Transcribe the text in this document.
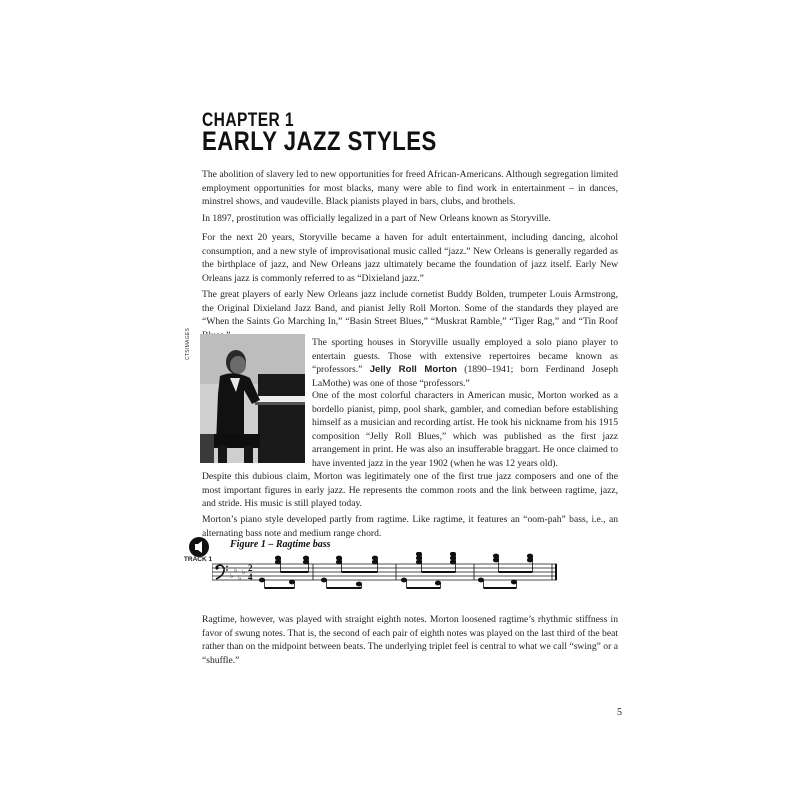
CHAPTER 1
EARLY JAZZ STYLES

The abolition of slavery led to new opportunities for freed African-Americans. Although segregation limited employment opportunities for most blacks, many were able to find work in entertainment – in dances, minstrel shows, and vaudeville. Black pianists played in bars, clubs, and brothels.

In 1897, prostitution was officially legalized in a part of New Orleans known as Storyville.

For the next 20 years, Storyville became a haven for adult entertainment, including dancing, alcohol consumption, and a new style of improvisational music called “jazz.” New Orleans is generally regarded as the birthplace of jazz, and New Orleans jazz ultimately became the foundation of jazz itself. Early New Orleans jazz is commonly referred to as “Dixieland jazz.”

The great players of early New Orleans jazz include cornetist Buddy Bolden, trumpeter Louis Armstrong, the Original Dixieland Jazz Band, and pianist Jelly Roll Morton. Some of the standards they played are “When the Saints Go Marching In,” “Basin Street Blues,” “Muskrat Ramble,” “Tiger Rag,” and “Tin Roof

CTSIMAGES	The sporting houses in Storyville usually employed a solo piano player to entertain guests. Those with extensive repertoires became known as “professors.” Jelly Roll Morton (1890–1941; born Ferdinand Joseph LaMothe) was one of those “professors.”

One of the most colorful characters in American music, Morton worked as a bordello pianist, pimp, pool shark, gambler, and comedian before establishing himself as a musician and recording artist. He took his nickname from his 1915 composition “Jelly Roll Blues,” which was published as the first jazz arrangement in print. He was also an insufferable braggart. He once claimed to have invented jazz in the year 1902 (when he was 12 years old).

Despite this dubious claim, Morton was legitimately one of the first true jazz composers and one of the most important figures in early jazz. He represents the common roots and the link between ragtime, jazz, and stride. His music is still played today.

Morton’s piano style developed partly from ragtime. Like ragtime, it features an “oom-pah” bass, i.e., an alternating bass note and medium range chord.

TRACK 1
Figure 1 – Ragtime bass
♭
♭
♭
♭ 2
4

Ragtime, however, was played with straight eighth notes. Morton loosened ragtime’s rhythmic stiffness in favor of swung notes. That is, the second of each pair of eighth notes was played on the last third of the beat rather than on the midpoint between beats. The underlying triplet feel is central to what we call “swing” or a “shuffle.”

5
